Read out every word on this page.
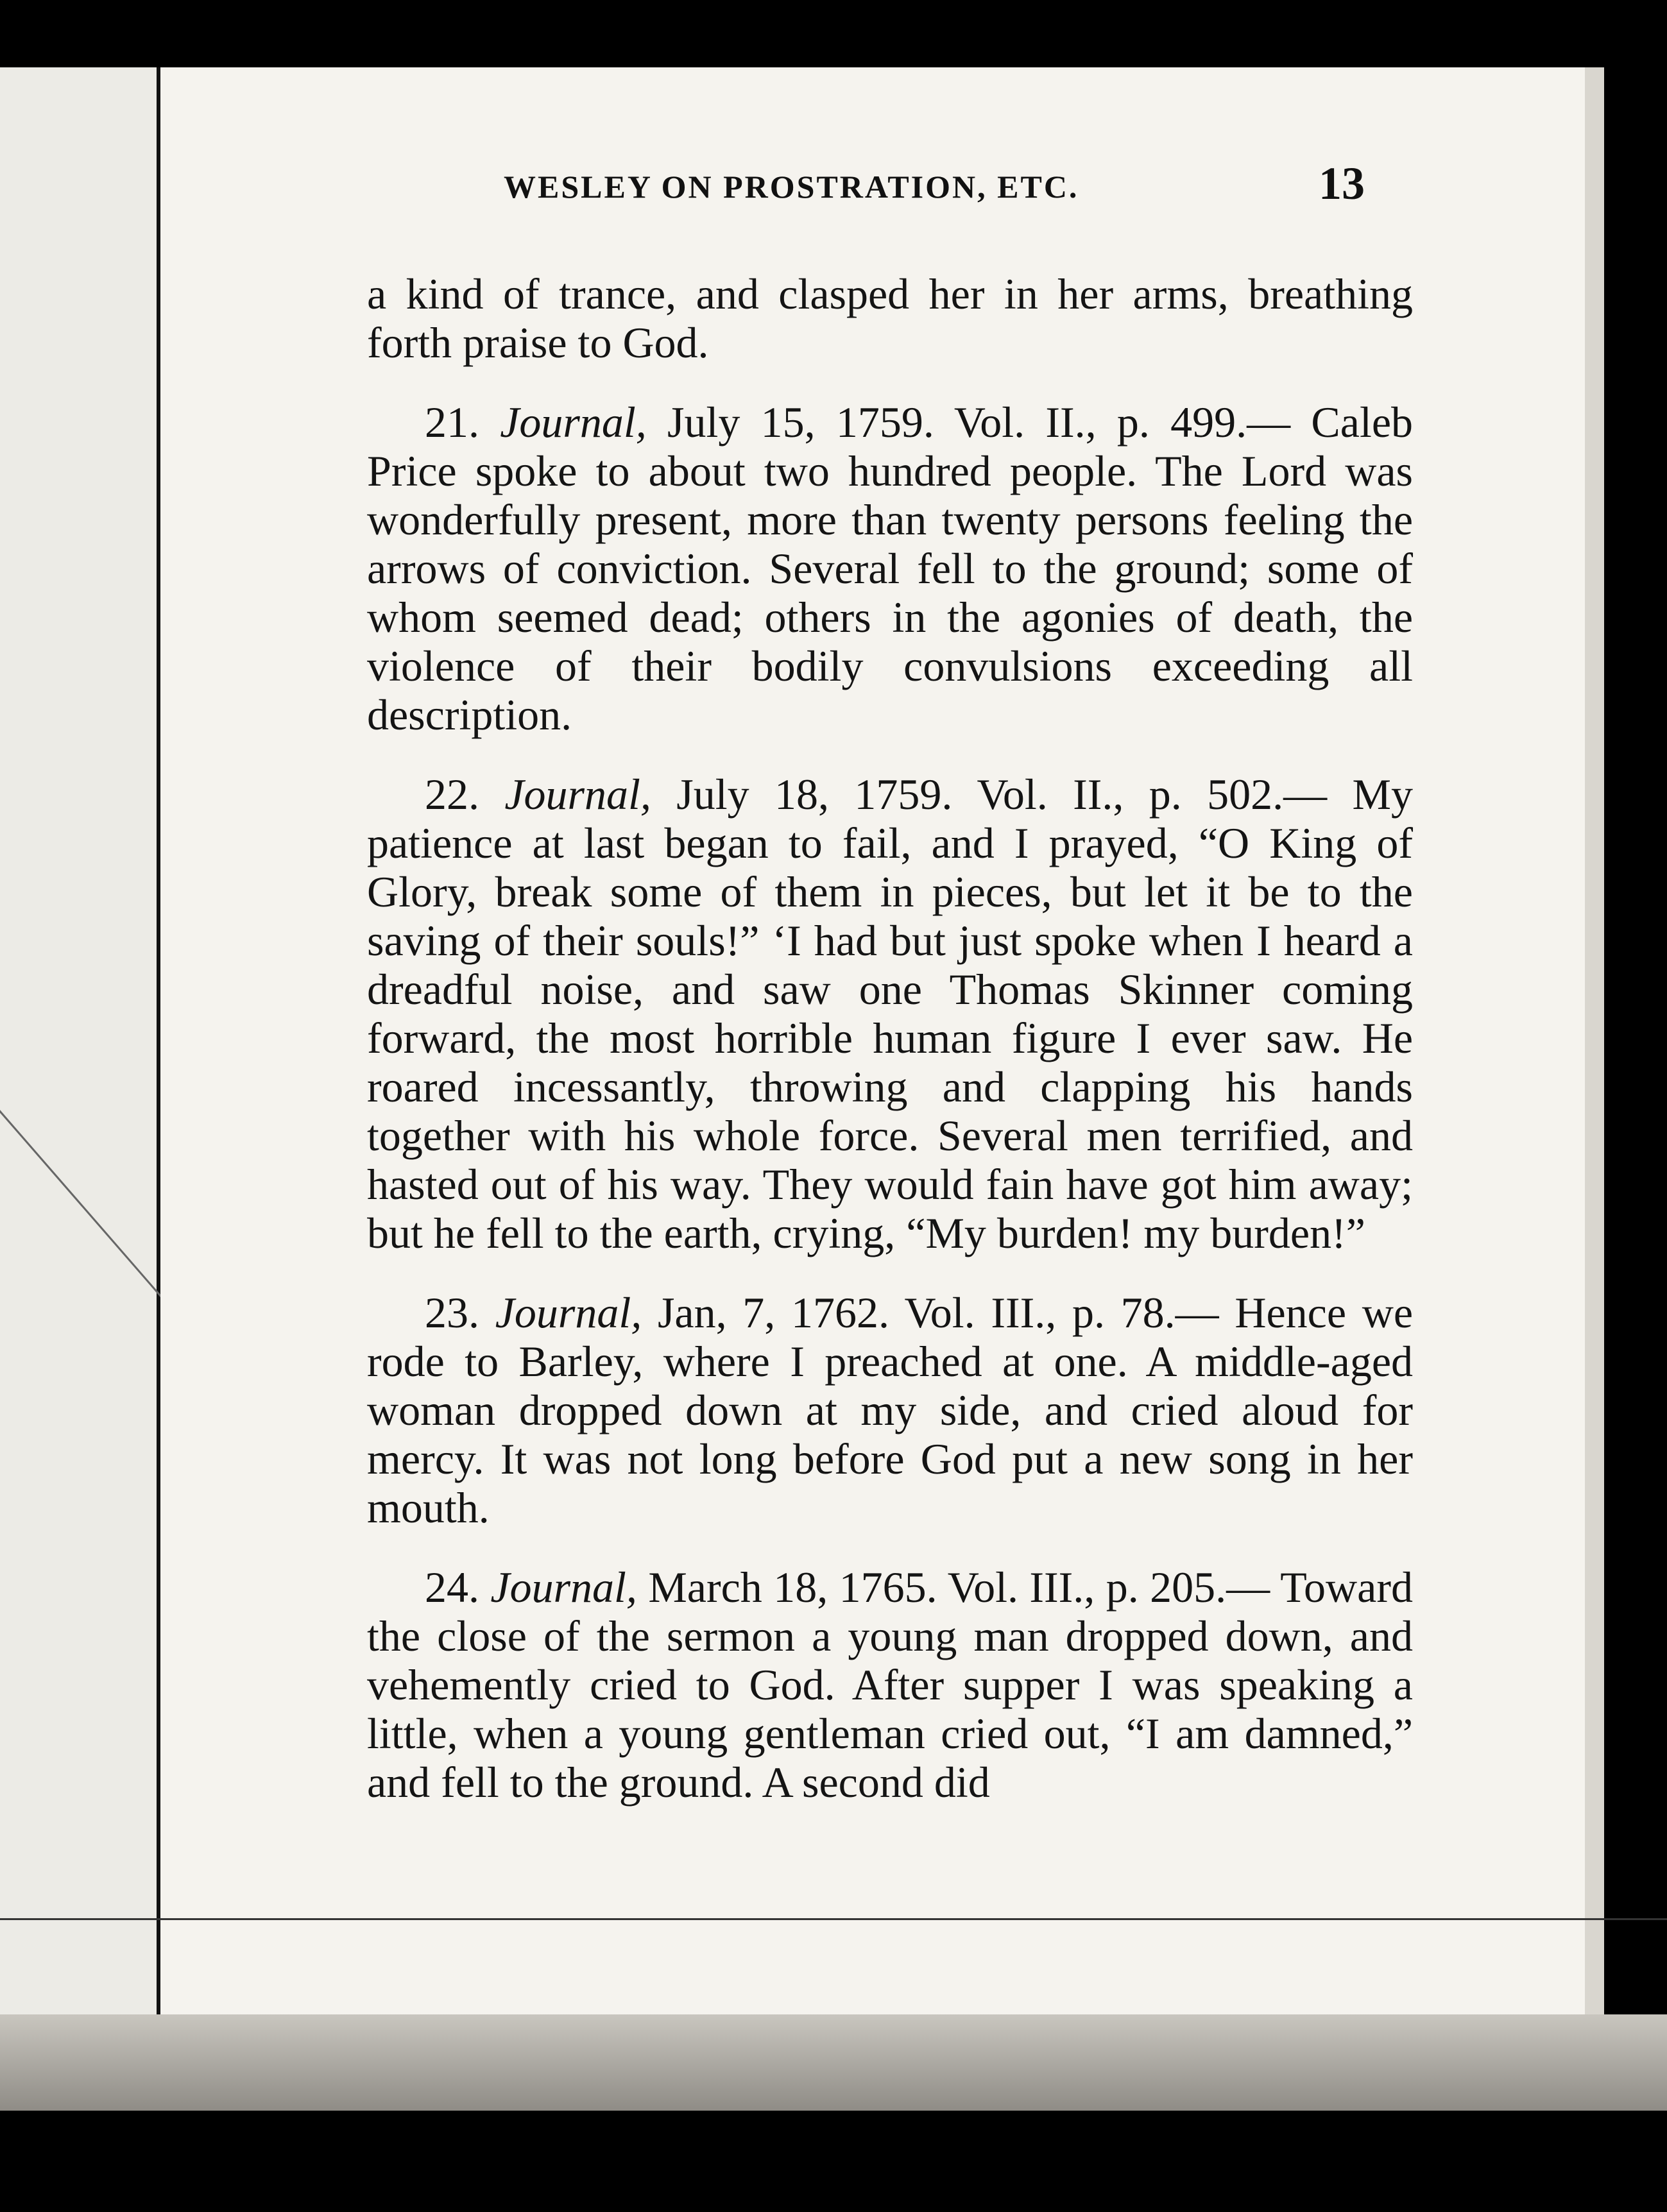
WESLEY ON PROSTRATION, ETC.	13

a kind of trance, and clasped her in her arms, breathing forth praise to God.

21. Journal, July 15, 1759. Vol. II., p. 499.— Caleb Price spoke to about two hundred people. The Lord was wonderfully present, more than twenty persons feeling the arrows of conviction. Several fell to the ground; some of whom seemed dead; others in the agonies of death, the violence of their bodily convulsions exceeding all description.

22. Journal, July 18, 1759. Vol. II., p. 502.— My patience at last began to fail, and I prayed, “O King of Glory, break some of them in pieces, but let it be to the saving of their souls!” ‘I had but just spoke when I heard a dreadful noise, and saw one Thomas Skinner coming forward, the most horrible human figure I ever saw. He roared incessantly, throwing and clapping his hands together with his whole force. Several men terrified, and hasted out of his way. They would fain have got him away; but he fell to the earth, crying, “My burden! my burden!”

23. Journal, Jan, 7, 1762. Vol. III., p. 78.— Hence we rode to Barley, where I preached at one. A middle-aged woman dropped down at my side, and cried aloud for mercy. It was not long before God put a new song in her mouth.

24. Journal, March 18, 1765. Vol. III., p. 205.— Toward the close of the sermon a young man dropped down, and vehemently cried to God. After supper I was speaking a little, when a young gentleman cried out, “I am damned,” and fell to the ground. A second did
